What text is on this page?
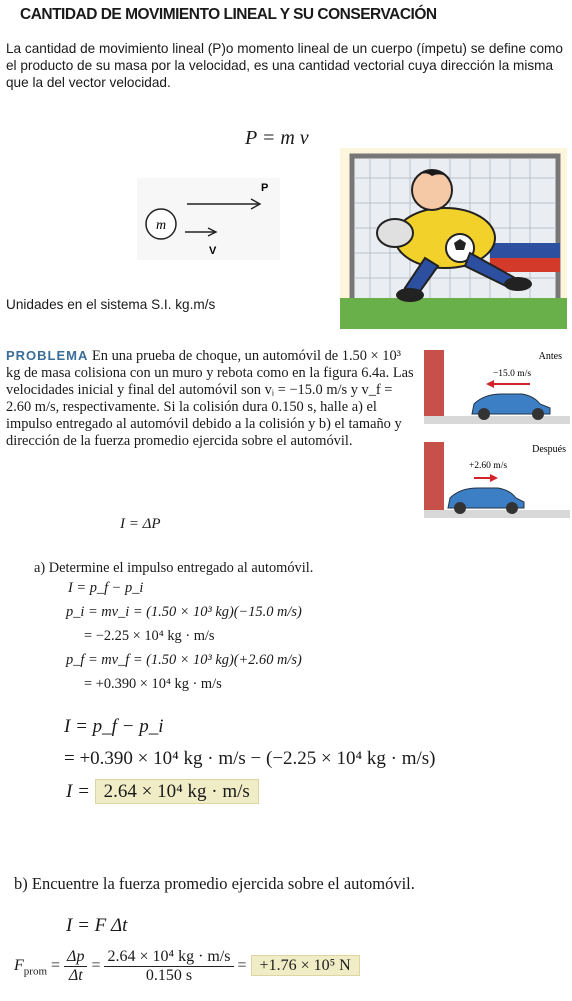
CANTIDAD DE MOVIMIENTO LINEAL Y SU CONSERVACIÓN
La cantidad de movimiento lineal (P)o momento lineal de un cuerpo (ímpetu) se define como el producto de su masa por la velocidad, es una cantidad vectorial cuya dirección la misma que la del vector velocidad.
P = m v
m
P
V
Unidades en el sistema S.I. kg.m/s
PROBLEMA En una prueba de choque, un automóvil de 1.50 × 10³ kg de masa colisiona con un muro y rebota como en la figura 6.4a. Las velocidades inicial y final del automóvil son vᵢ = −15.0 m/s y v_f = 2.60 m/s, respectivamente. Si la colisión dura 0.150 s, halle a) el impulso entregado al automóvil debido a la colisión y b) el tamaño y dirección de la fuerza promedio ejercida sobre el automóvil.
Antes
−15.0 m/s
Después
+2.60 m/s
I = ΔP
a) Determine el impulso entregado al automóvil.
I = p_f − p_i
p_i = mv_i = (1.50 × 10³ kg)(−15.0 m/s)
= −2.25 × 10⁴ kg · m/s
p_f = mv_f = (1.50 × 10³ kg)(+2.60 m/s)
= +0.390 × 10⁴ kg · m/s
I = p_f − p_i
= +0.390 × 10⁴ kg · m/s − (−2.25 × 10⁴ kg · m/s)
I = 2.64 × 10⁴ kg · m/s
b) Encuentre la fuerza promedio ejercida sobre el automóvil.
I = F Δt
$F_{prom} = \frac{\Delta p}{\Delta t} = \frac{\text{2.64 × 10⁴ kg · m/s}}{0.150 s} = +1.76 \times 10^5$ N
